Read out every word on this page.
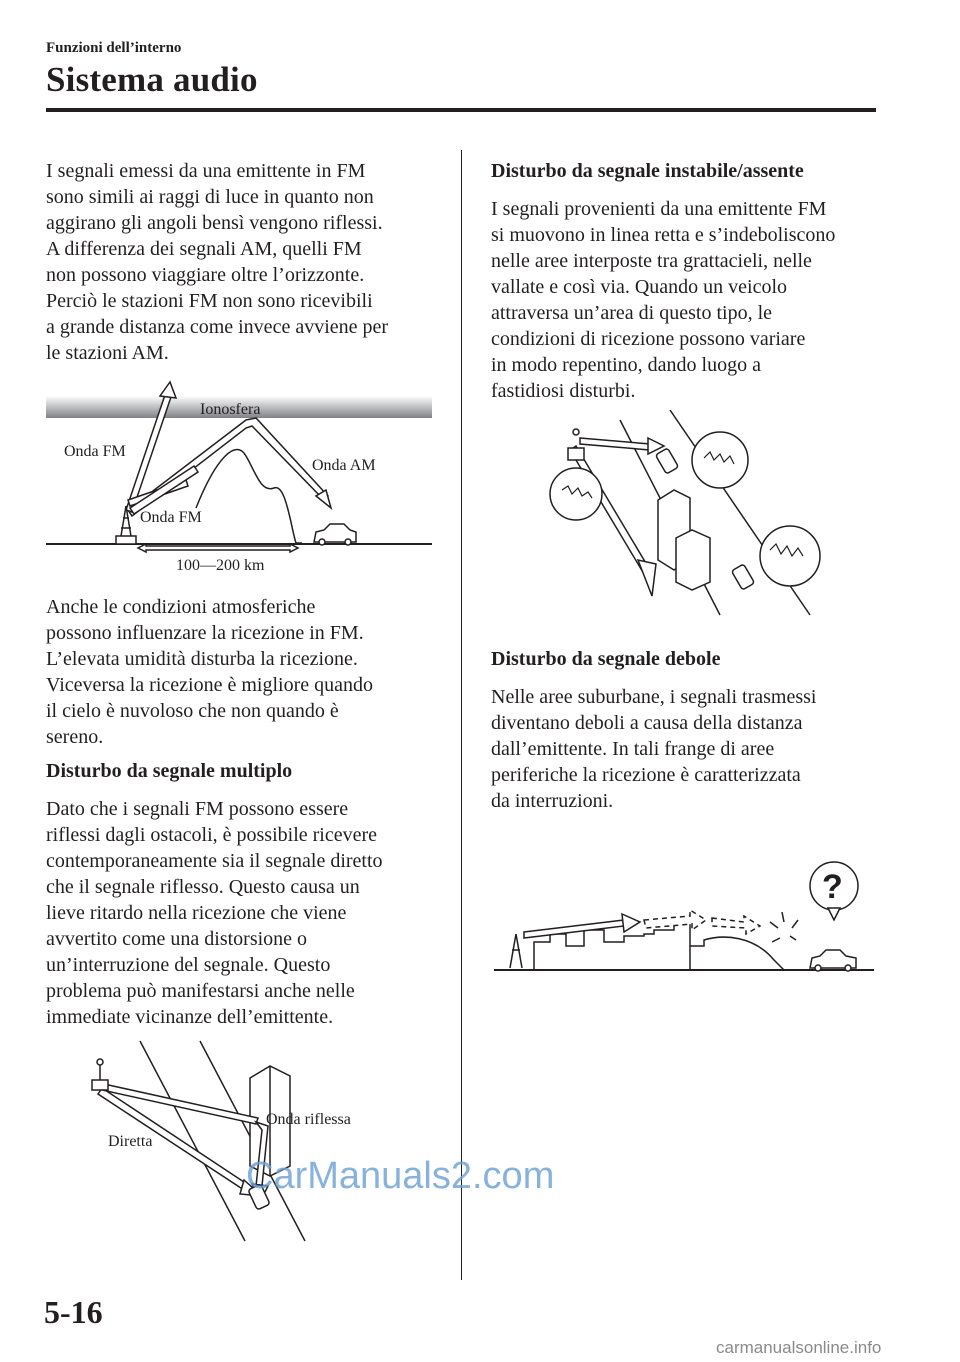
Funzioni dell’interno
Sistema audio

I segnali emessi da una emittente in FM
sono simili ai raggi di luce in quanto non
aggirano gli angoli bensì vengono riflessi.
A differenza dei segnali AM, quelli FM
non possono viaggiare oltre l’orizzonte.
Perciò le stazioni FM non sono ricevibili
a grande distanza come invece avviene per
le stazioni AM.

Ionosfera
Onda FM
Onda AM
Onda FM
100—200 km

Anche le condizioni atmosferiche
possono influenzare la ricezione in FM.
L’elevata umidità disturba la ricezione.
Viceversa la ricezione è migliore quando
il cielo è nuvoloso che non quando è
sereno.

Disturbo da segnale multiplo

Dato che i segnali FM possono essere
riflessi dagli ostacoli, è possibile ricevere
contemporaneamente sia il segnale diretto
che il segnale riflesso. Questo causa un
lieve ritardo nella ricezione che viene
avvertito come una distorsione o
un’interruzione del segnale. Questo
problema può manifestarsi anche nelle
immediate vicinanze dell’emittente.

Diretta
Onda riflessa

Disturbo da segnale instabile/assente

I segnali provenienti da una emittente FM
si muovono in linea retta e s’indeboliscono
nelle aree interposte tra grattacieli, nelle
vallate e così via. Quando un veicolo
attraversa un’area di questo tipo, le
condizioni di ricezione possono variare
in modo repentino, dando luogo a
fastidiosi disturbi.

Disturbo da segnale debole

Nelle aree suburbane, i segnali trasmessi
diventano deboli a causa della distanza
dall’emittente. In tali frange di aree
periferiche la ricezione è caratterizzata
da interruzioni.

?
5-16
CarManuals2.com
carmanualsonline.info
